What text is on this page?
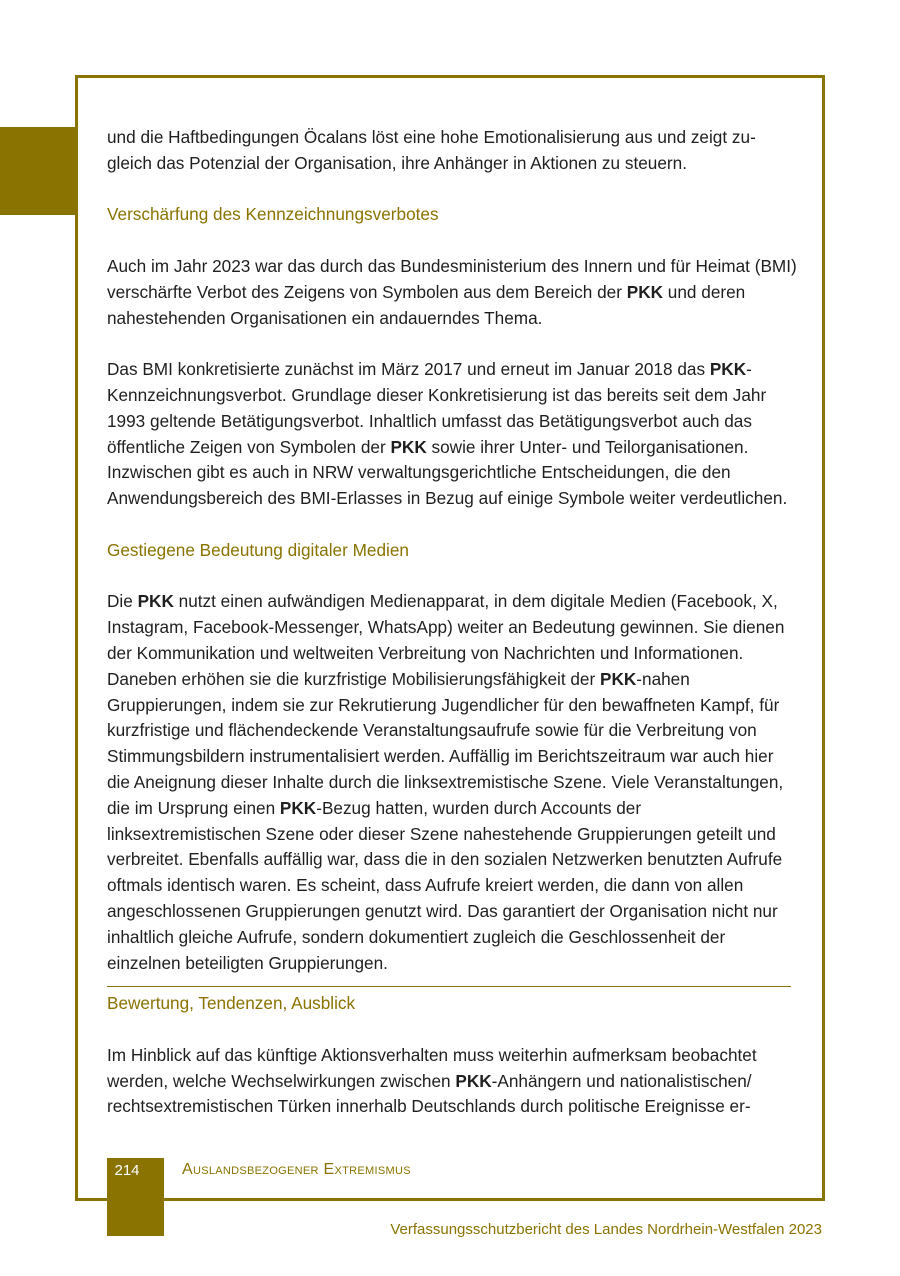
und die Haftbedingungen Öcalans löst eine hohe Emotionalisierung aus und zeigt zu-
gleich das Potenzial der Organisation, ihre Anhänger in Aktionen zu steuern.

Verschärfung des Kennzeichnungsverbotes

Auch im Jahr 2023 war das durch das Bundesministerium des Innern und für Heimat (BMI) verschärfte Verbot des Zeigens von Symbolen aus dem Bereich der PKK und deren nahestehenden Organisationen ein andauerndes Thema.

Das BMI konkretisierte zunächst im März 2017 und erneut im Januar 2018 das PKK-Kennzeichnungsverbot. Grundlage dieser Konkretisierung ist das bereits seit dem Jahr 1993 geltende Betätigungsverbot. Inhaltlich umfasst das Betätigungsverbot auch das öffentliche Zeigen von Symbolen der PKK sowie ihrer Unter- und Teilorganisationen. Inzwischen gibt es auch in NRW verwaltungsgerichtliche Entscheidungen, die den Anwendungsbereich des BMI-Erlasses in Bezug auf einige Symbole weiter verdeutlichen.

Gestiegene Bedeutung digitaler Medien

Die PKK nutzt einen aufwändigen Medienapparat, in dem digitale Medien (Facebook, X, Instagram, Facebook-Messenger, WhatsApp) weiter an Bedeutung gewinnen. Sie dienen der Kommunikation und weltweiten Verbreitung von Nachrichten und Informationen. Daneben erhöhen sie die kurzfristige Mobilisierungsfähigkeit der PKK-nahen Gruppierungen, indem sie zur Rekrutierung Jugendlicher für den bewaffneten Kampf, für kurzfristige und flächendeckende Veranstaltungsaufrufe sowie für die Verbreitung von Stimmungsbildern instrumentalisiert werden. Auffällig im Berichtszeitraum war auch hier die Aneignung dieser Inhalte durch die linksextremistische Szene. Viele Veranstaltungen, die im Ursprung einen PKK-Bezug hatten, wurden durch Accounts der linksextremistischen Szene oder dieser Szene nahestehende Gruppierungen geteilt und verbreitet. Ebenfalls auffällig war, dass die in den sozialen Netzwerken benutzten Aufrufe oftmals identisch waren. Es scheint, dass Aufrufe kreiert werden, die dann von allen angeschlossenen Gruppierungen genutzt wird. Das garantiert der Organisation nicht nur inhaltlich gleiche Aufrufe, sondern dokumentiert zugleich die Geschlossenheit der einzelnen beteiligten Gruppierungen.

Bewertung, Tendenzen, Ausblick

Im Hinblick auf das künftige Aktionsverhalten muss weiterhin aufmerksam beobachtet werden, welche Wechselwirkungen zwischen PKK-Anhängern und nationalistischen/ rechtsextremistischen Türken innerhalb Deutschlands durch politische Ereignisse er-

214	Auslandsbezogener Extremismus
Verfassungsschutzbericht des Landes Nordrhein-Westfalen 2023
